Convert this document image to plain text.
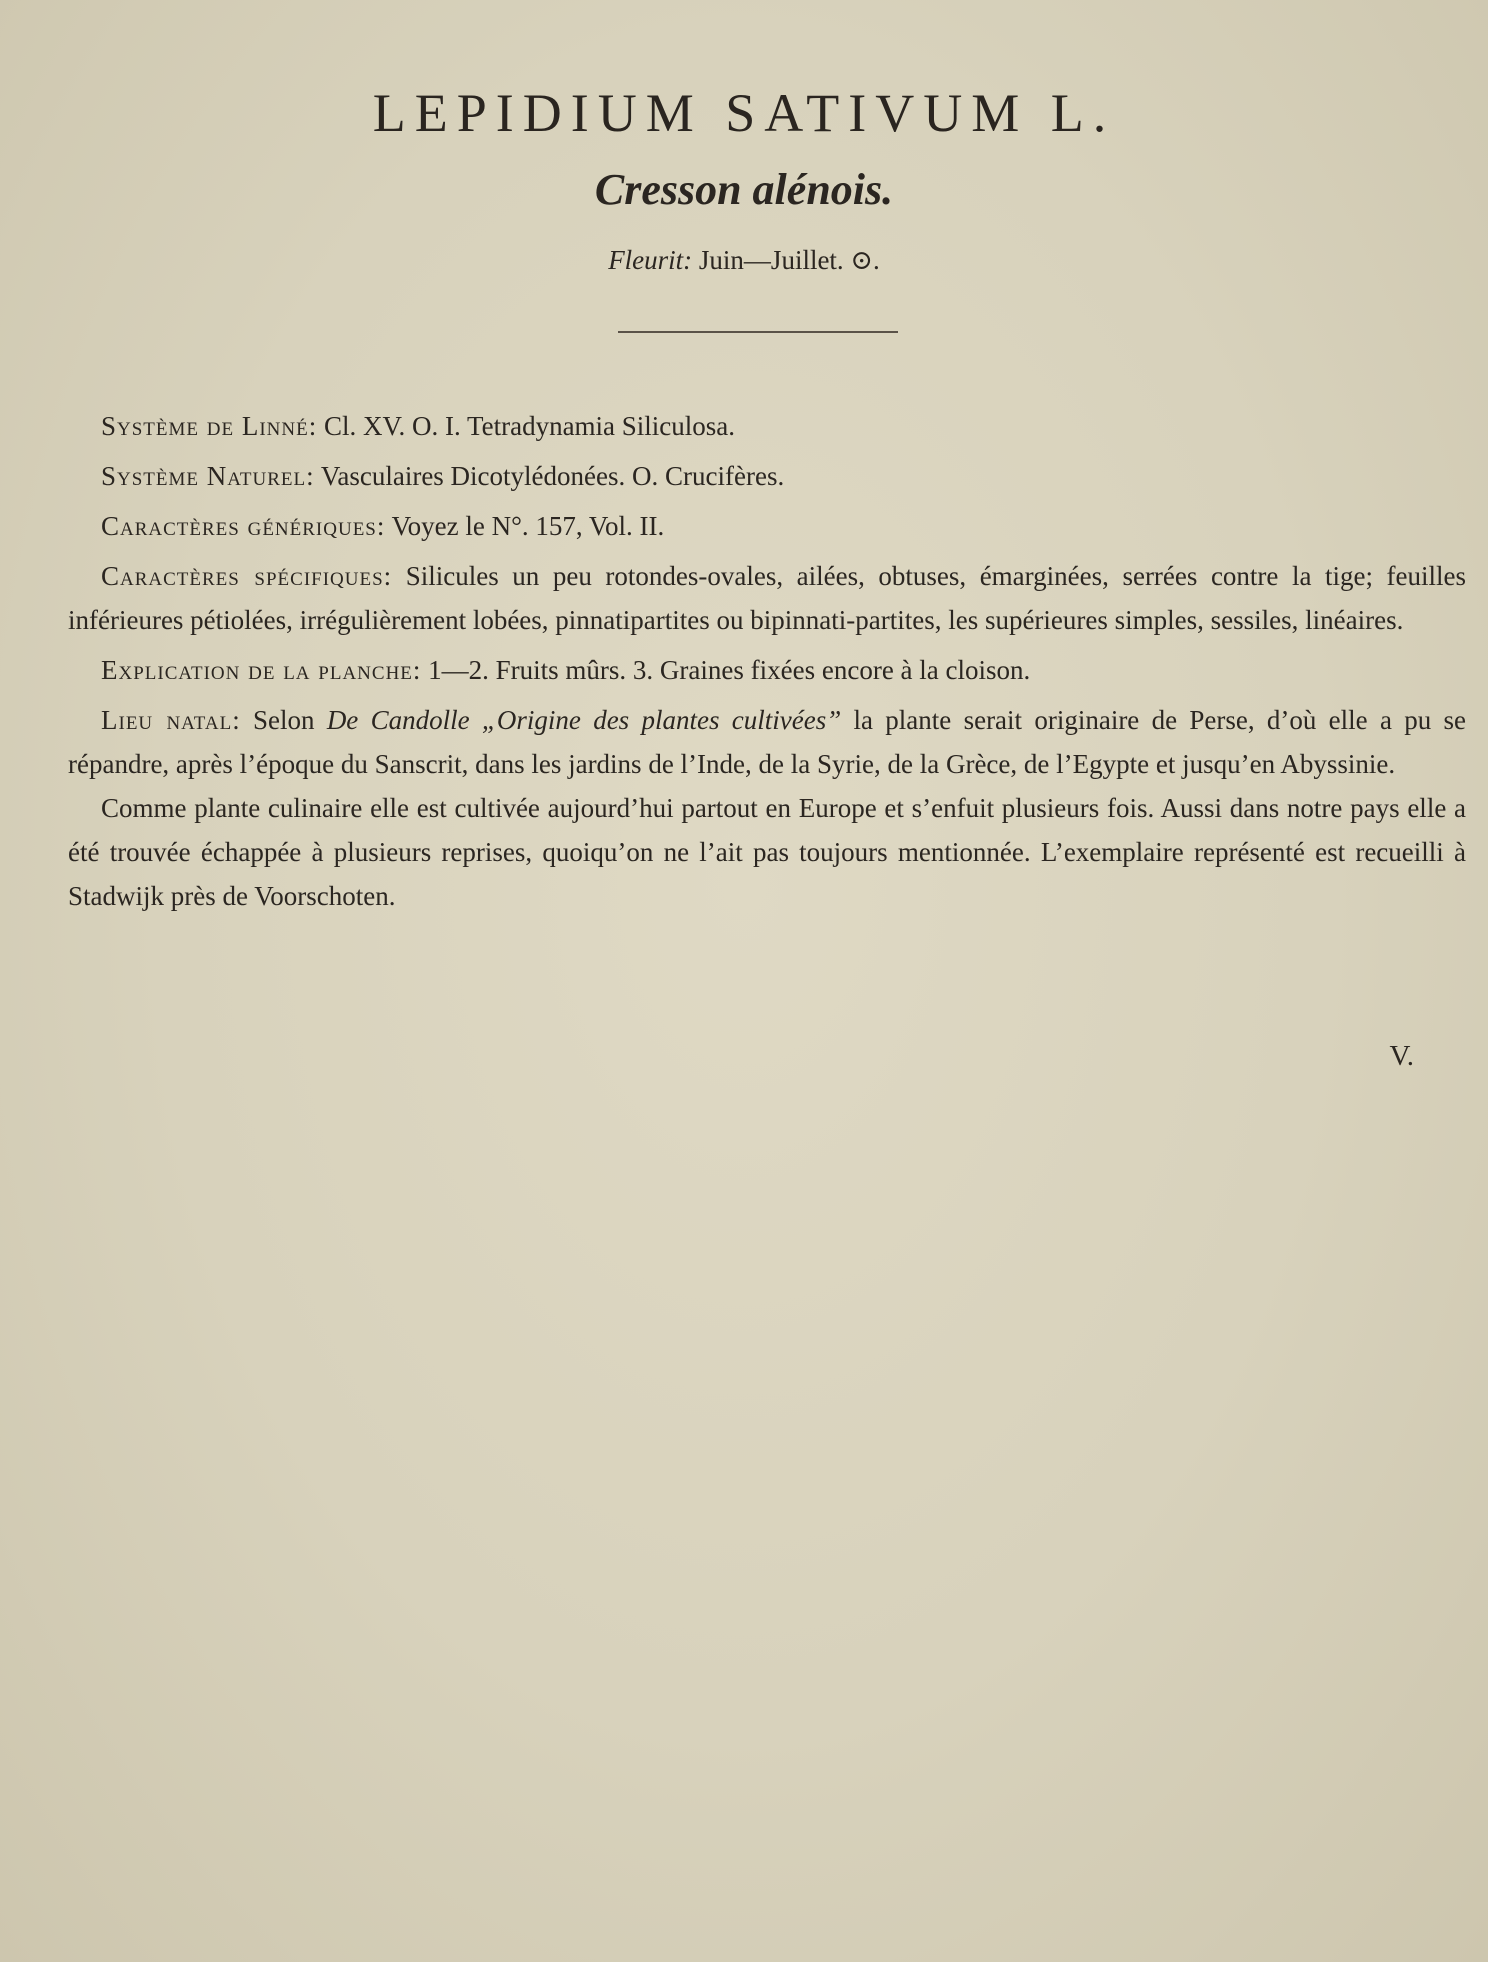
LEPIDIUM SATIVUM L.
Cresson alénois.
Fleurit: Juin—Juillet. ⊙.

Système de Linné: Cl. XV. O. I. Tetradynamia Siliculosa.

Système Naturel: Vasculaires Dicotylédonées. O. Crucifères.

Caractères génériques: Voyez le N°. 157, Vol. II.

Caractères spécifiques: Silicules un peu rotondes-ovales, ailées, obtuses, émarginées, serrées contre la tige; feuilles inférieures pétiolées, irrégulièrement lobées, pinnatipartites ou bipinnati-partites, les supérieures simples, sessiles, linéaires.

Explication de la planche: 1—2. Fruits mûrs. 3. Graines fixées encore à la cloison.

Lieu natal: Selon De Candolle „Origine des plantes cultivées” la plante serait originaire de Perse, d’où elle a pu se répandre, après l’époque du Sanscrit, dans les jardins de l’Inde, de la Syrie, de la Grèce, de l’Egypte et jusqu’en Abyssinie.

Comme plante culinaire elle est cultivée aujourd’hui partout en Europe et s’enfuit plusieurs fois. Aussi dans notre pays elle a été trouvée échappée à plusieurs reprises, quoiqu’on ne l’ait pas toujours mentionnée. L’exemplaire représenté est recueilli à Stadwijk près de Voorschoten.

V.
